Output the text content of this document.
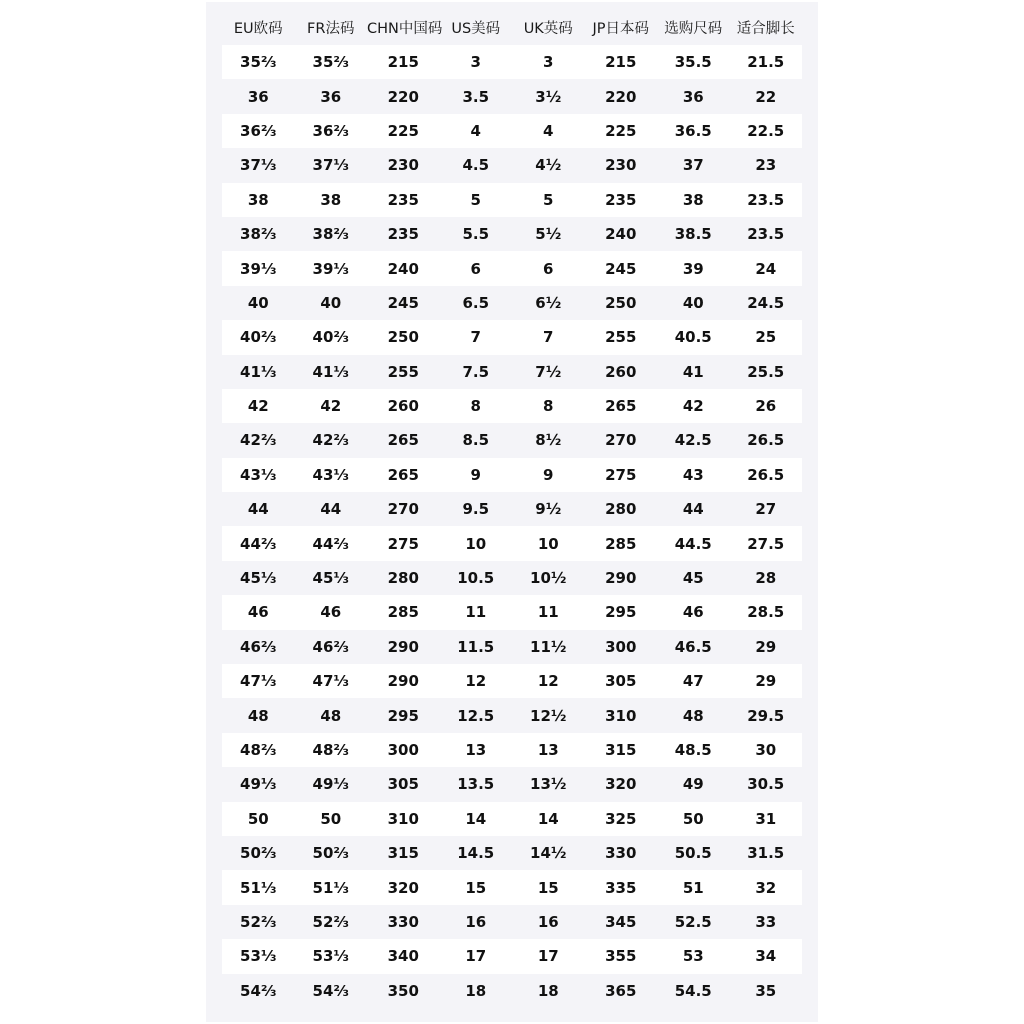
EU欧码	FR法码	CHN中国码	US美码	UK英码	JP日本码	选购尺码	适合脚长
35⅔	35⅔	215	3	3	215	35.5	21.5
36	36	220	3.5	3½	220	36	22
36⅔	36⅔	225	4	4	225	36.5	22.5
37⅓	37⅓	230	4.5	4½	230	37	23
38	38	235	5	5	235	38	23.5
38⅔	38⅔	235	5.5	5½	240	38.5	23.5
39⅓	39⅓	240	6	6	245	39	24
40	40	245	6.5	6½	250	40	24.5
40⅔	40⅔	250	7	7	255	40.5	25
41⅓	41⅓	255	7.5	7½	260	41	25.5
42	42	260	8	8	265	42	26
42⅔	42⅔	265	8.5	8½	270	42.5	26.5
43⅓	43⅓	265	9	9	275	43	26.5
44	44	270	9.5	9½	280	44	27
44⅔	44⅔	275	10	10	285	44.5	27.5
45⅓	45⅓	280	10.5	10½	290	45	28
46	46	285	11	11	295	46	28.5
46⅔	46⅔	290	11.5	11½	300	46.5	29
47⅓	47⅓	290	12	12	305	47	29
48	48	295	12.5	12½	310	48	29.5
48⅔	48⅔	300	13	13	315	48.5	30
49⅓	49⅓	305	13.5	13½	320	49	30.5
50	50	310	14	14	325	50	31
50⅔	50⅔	315	14.5	14½	330	50.5	31.5
51⅓	51⅓	320	15	15	335	51	32
52⅔	52⅔	330	16	16	345	52.5	33
53⅓	53⅓	340	17	17	355	53	34
54⅔	54⅔	350	18	18	365	54.5	35
